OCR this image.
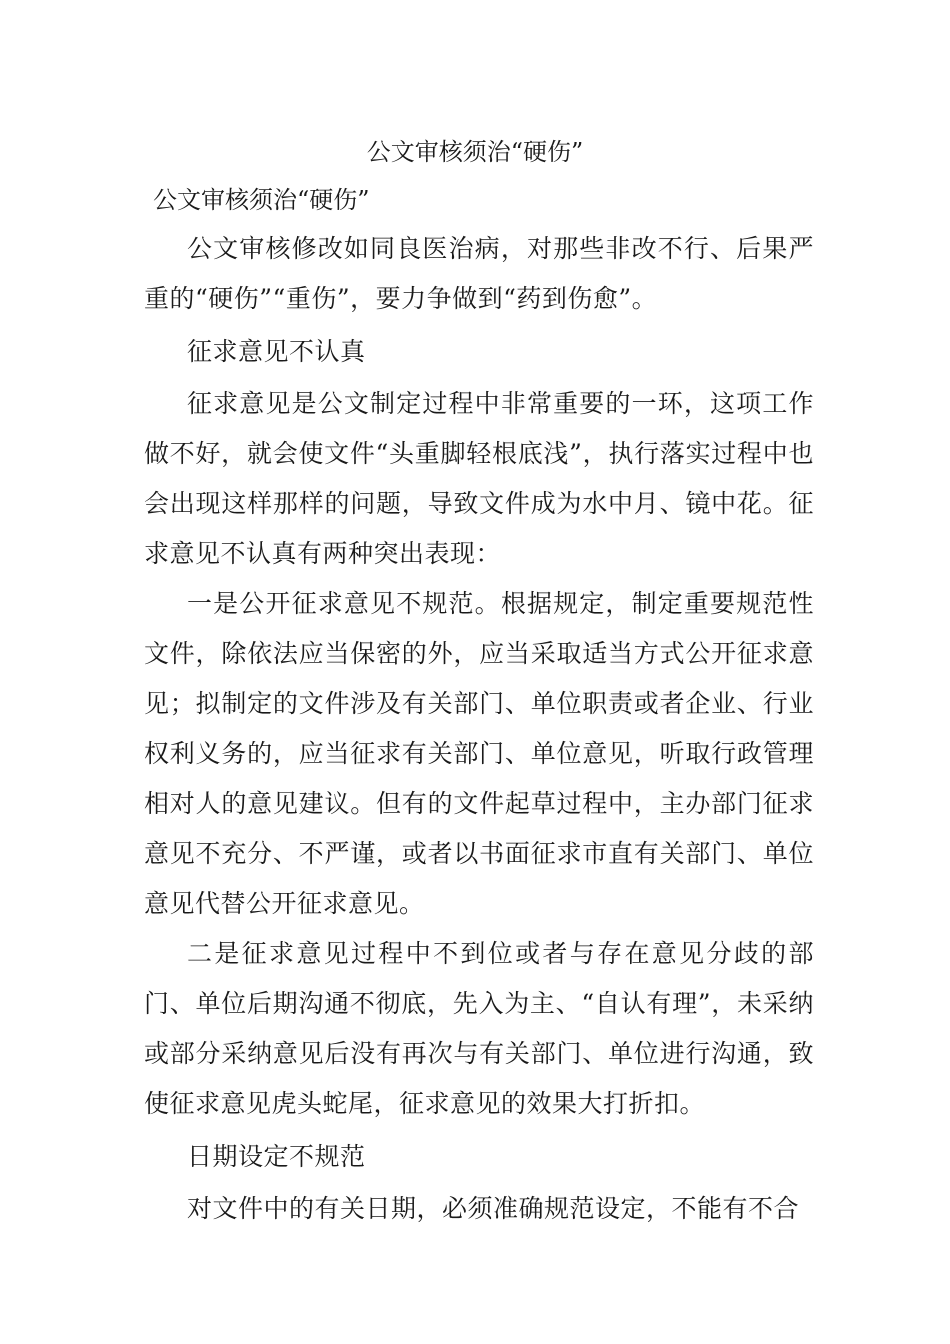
公文审核须治“硬伤”

公文审核须治“硬伤”

公文审核修改如同良医治病，对那些非改不行、后果严重的“硬伤”“重伤”，要力争做到“药到伤愈”。

征求意见不认真

征求意见是公文制定过程中非常重要的一环，这项工作做不好，就会使文件“头重脚轻根底浅”，执行落实过程中也会出现这样那样的问题，导致文件成为水中月、镜中花。征求意见不认真有两种突出表现：

一是公开征求意见不规范。根据规定，制定重要规范性文件，除依法应当保密的外，应当采取适当方式公开征求意见；拟制定的文件涉及有关部门、单位职责或者企业、行业权利义务的，应当征求有关部门、单位意见，听取行政管理相对人的意见建议。但有的文件起草过程中，主办部门征求意见不充分、不严谨，或者以书面征求市直有关部门、单位意见代替公开征求意见。

二是征求意见过程中不到位或者与存在意见分歧的部门、单位后期沟通不彻底，先入为主、“自认有理”，未采纳或部分采纳意见后没有再次与有关部门、单位进行沟通，致使征求意见虎头蛇尾，征求意见的效果大打折扣。

日期设定不规范

对文件中的有关日期，必须准确规范设定，不能有不合
